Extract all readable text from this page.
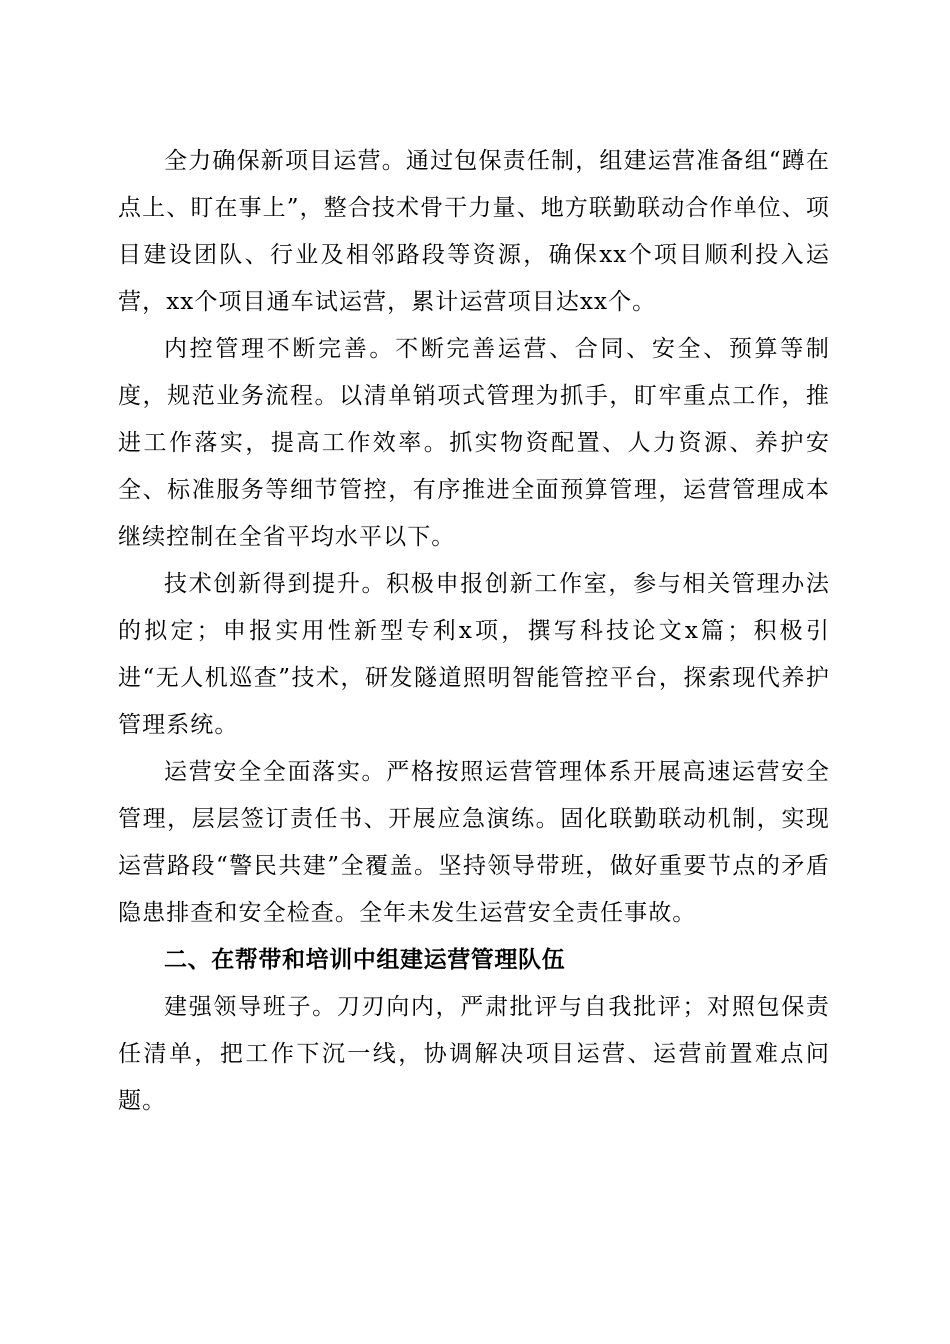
全力确保新项目运营。通过包保责任制，组建运营准备组“蹲在点上、盯在事上”，整合技术骨干力量、地方联勤联动合作单位、项目建设团队、行业及相邻路段等资源，确保xx个项目顺利投入运营，xx个项目通车试运营，累计运营项目达xx个。

内控管理不断完善。不断完善运营、合同、安全、预算等制度，规范业务流程。以清单销项式管理为抓手，盯牢重点工作，推进工作落实，提高工作效率。抓实物资配置、人力资源、养护安全、标准服务等细节管控，有序推进全面预算管理，运营管理成本继续控制在全省平均水平以下。

技术创新得到提升。积极申报创新工作室，参与相关管理办法的拟定；申报实用性新型专利x项，撰写科技论文x篇；积极引进“无人机巡查”技术，研发隧道照明智能管控平台，探索现代养护管理系统。

运营安全全面落实。严格按照运营管理体系开展高速运营安全管理，层层签订责任书、开展应急演练。固化联勤联动机制，实现运营路段“警民共建”全覆盖。坚持领导带班，做好重要节点的矛盾隐患排查和安全检查。全年未发生运营安全责任事故。

二、在帮带和培训中组建运营管理队伍

建强领导班子。刀刃向内，严肃批评与自我批评；对照包保责任清单，把工作下沉一线，协调解决项目运营、运营前置难点问题。
